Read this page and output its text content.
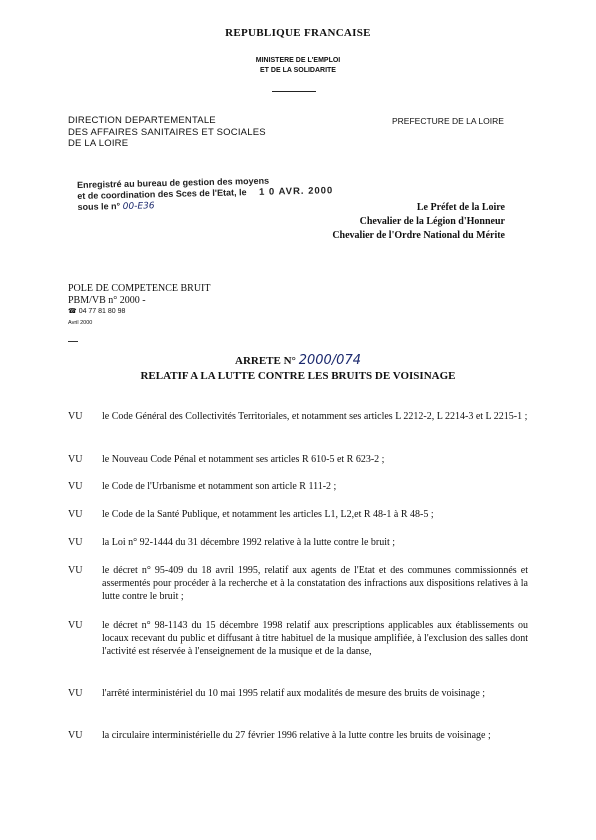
REPUBLIQUE FRANCAISE
MINISTERE DE L'EMPLOI
ET DE LA SOLIDARITE
DIRECTION DEPARTEMENTALE
DES AFFAIRES SANITAIRES ET SOCIALES
DE LA LOIRE
PREFECTURE DE LA LOIRE
Enregistré au bureau de gestion des moyens
et de coordination des Sces de l'Etat, le 1 0 AVR. 2000
sous le n° 00-E36	Le Préfet de la Loire
Chevalier de la Légion d'Honneur
Chevalier de l'Ordre National du Mérite
POLE DE COMPETENCE BRUIT
PBM/VB n° 2000 -
☎ 04 77 81 80 98
Avril 2000
ARRETE N° 2000/074
RELATIF A LA LUTTE CONTRE LES BRUITS DE VOISINAGE
VU le Code Général des Collectivités Territoriales, et notamment ses articles L 2212-2, L 2214-3 et L 2215-1 ;
VU le Nouveau Code Pénal et notamment ses articles R 610-5 et R 623-2 ;
VU le Code de l'Urbanisme et notamment son article R 111-2 ;
VU le Code de la Santé Publique, et notamment les articles L1, L2,et R 48-1 à R 48-5 ;
VU la Loi n° 92-1444 du 31 décembre 1992 relative à la lutte contre le bruit ;
VU le décret n° 95-409 du 18 avril 1995, relatif aux agents de l'Etat et des communes commissionnés et assermentés pour procéder à la recherche et à la constatation des infractions aux dispositions relatives à la lutte contre le bruit ;
VU le décret n° 98-1143 du 15 décembre 1998 relatif aux prescriptions applicables aux établissements ou locaux recevant du public et diffusant à titre habituel de la musique amplifiée, à l'exclusion des salles dont l'activité est réservée à l'enseignement de la musique et de la danse,
VU l'arrêté interministériel du 10 mai 1995 relatif aux modalités de mesure des bruits de voisinage ;
VU la circulaire interministérielle du 27 février 1996 relative à la lutte contre les bruits de voisinage ;
